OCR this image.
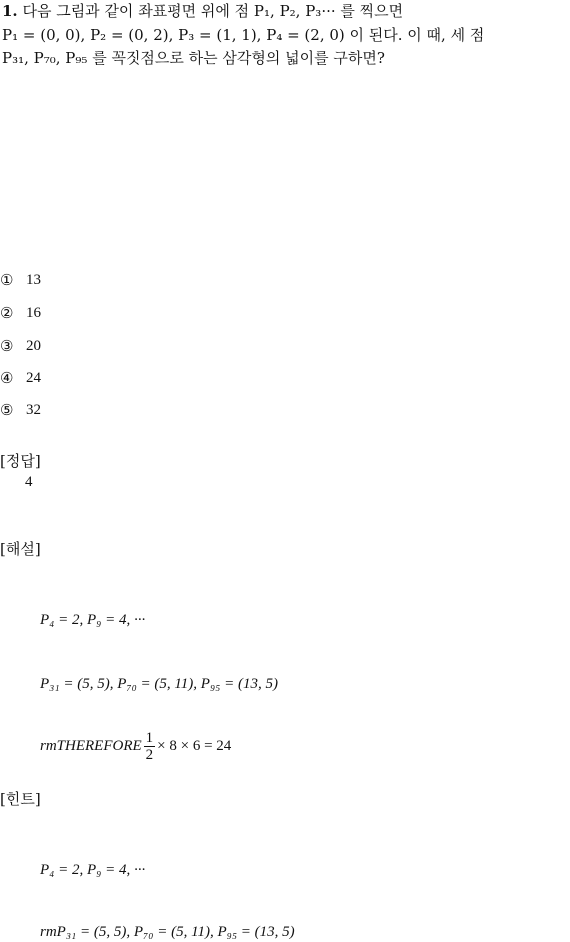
1. 다음 그림과 같이 좌표평면 위에 점 P₁, P₂, P₃··· 를 찍으면
P₁ = (0, 0), P₂ = (0, 2), P₃ = (1, 1), P₄ = (2, 0) 이 된다. 이 때, 세 점
P₃₁, P₇₀, P₉₅ 를 꼭짓점으로 하는 삼각형의 넓이를 구하면?
① 13
② 16
③ 20
④ 24
⑤ 32
[정답]
4
[해설]
P₄ = 2, P₉ = 4, ···
P₃₁ = (5, 5), P₇₀ = (5, 11), P₉₅ = (13, 5)
rmTHEREFORE $\frac{1}{2} \times 8 \times 6 = 24$
[힌트]
P₄ = 2, P₉ = 4, ···
rmP₃₁ = (5, 5), P₇₀ = (5, 11), P₉₅ = (13, 5)
